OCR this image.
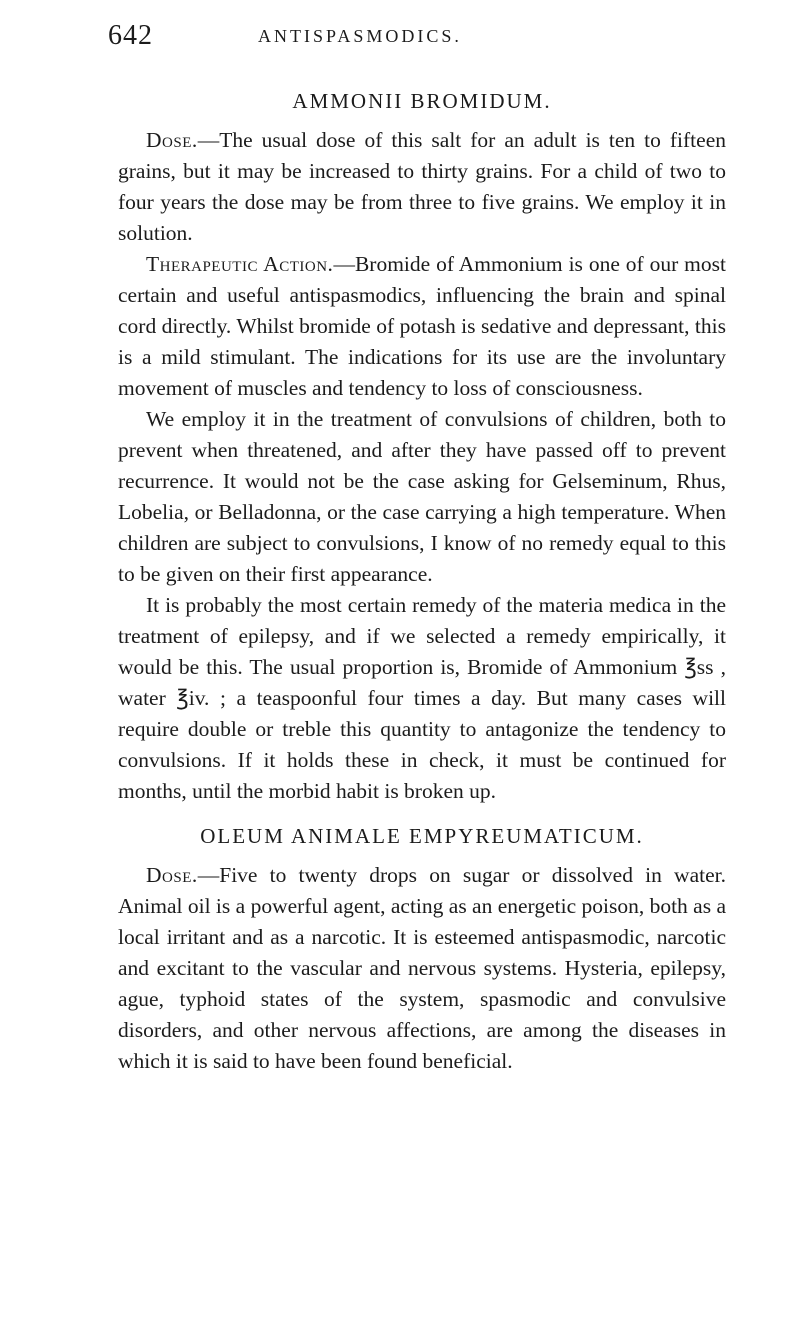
642	ANTISPASMODICS.
AMMONII BROMIDUM.

Dose.—The usual dose of this salt for an adult is ten to fifteen grains, but it may be increased to thirty grains. For a child of two to four years the dose may be from three to five grains. We employ it in solution.

Therapeutic Action.—Bromide of Ammonium is one of our most certain and useful antispasmodics, influencing the brain and spinal cord directly. Whilst bromide of potash is sedative and depressant, this is a mild stimulant. The indications for its use are the involuntary movement of muscles and tendency to loss of consciousness.

We employ it in the treatment of convulsions of children, both to prevent when threatened, and after they have passed off to prevent recurrence. It would not be the case asking for Gelseminum, Rhus, Lobelia, or Belladonna, or the case carrying a high temperature. When children are subject to convulsions, I know of no remedy equal to this to be given on their first appearance.

It is probably the most certain remedy of the materia medica in the treatment of epilepsy, and if we selected a remedy empirically, it would be this. The usual proportion is, Bromide of Ammonium ℥ss , water ℥iv. ; a teaspoonful four times a day. But many cases will require double or treble this quantity to antagonize the tendency to convulsions. If it holds these in check, it must be continued for months, until the morbid habit is broken up.

OLEUM ANIMALE EMPYREUMATICUM.

Dose.—Five to twenty drops on sugar or dissolved in water. Animal oil is a powerful agent, acting as an energetic poison, both as a local irritant and as a narcotic. It is esteemed antispasmodic, narcotic and excitant to the vascular and nervous systems. Hysteria, epilepsy, ague, typhoid states of the system, spasmodic and convulsive disorders, and other nervous affections, are among the diseases in which it is said to have been found beneficial.
